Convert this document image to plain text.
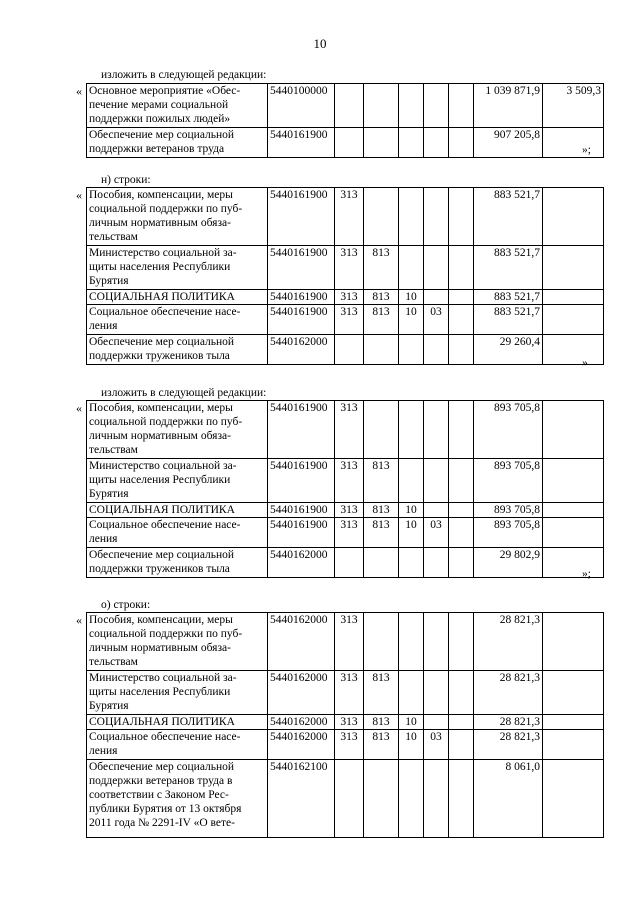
10
изложить в следующей редакции:
« Основное мероприятие «Обес-
печение мерами социальной
поддержки пожилых людей»	5440100000						1 039 871,9	3 509,3
Обеспечение мер социальной
поддержки ветеранов труда	5440161900						907 205,8	
»;
н) строки:
« Пособия, компенсации, меры
социальной поддержки по пуб-
личным нормативным обяза-
тельствам	5440161900	313					883 521,7	
Министерство социальной за-
щиты населения Республики
Бурятия	5440161900	313	813				883 521,7	
СОЦИАЛЬНАЯ ПОЛИТИКА	5440161900	313	813	10			883 521,7	
Социальное обеспечение насе-
ления	5440161900	313	813	10	03		883 521,7	
Обеспечение мер социальной
поддержки тружеников тыла	5440162000						29 260,4	
»
изложить в следующей редакции:
« Пособия, компенсации, меры
социальной поддержки по пуб-
личным нормативным обяза-
тельствам	5440161900	313					893 705,8	
Министерство социальной за-
щиты населения Республики
Бурятия	5440161900	313	813				893 705,8	
СОЦИАЛЬНАЯ ПОЛИТИКА	5440161900	313	813	10			893 705,8	
Социальное обеспечение насе-
ления	5440161900	313	813	10	03		893 705,8	
Обеспечение мер социальной
поддержки тружеников тыла	5440162000						29 802,9	
»;
о) строки:
« Пособия, компенсации, меры
социальной поддержки по пуб-
личным нормативным обяза-
тельствам	5440162000	313					28 821,3	
Министерство социальной за-
щиты населения Республики
Бурятия	5440162000	313	813				28 821,3	
СОЦИАЛЬНАЯ ПОЛИТИКА	5440162000	313	813	10			28 821,3	
Социальное обеспечение насе-
ления	5440162000	313	813	10	03		28 821,3	
Обеспечение мер социальной
поддержки ветеранов труда в
соответствии с Законом Рес-
публики Бурятия от 13 октября
2011 года № 2291-IV «О вете-	5440162100						8 061,0	
